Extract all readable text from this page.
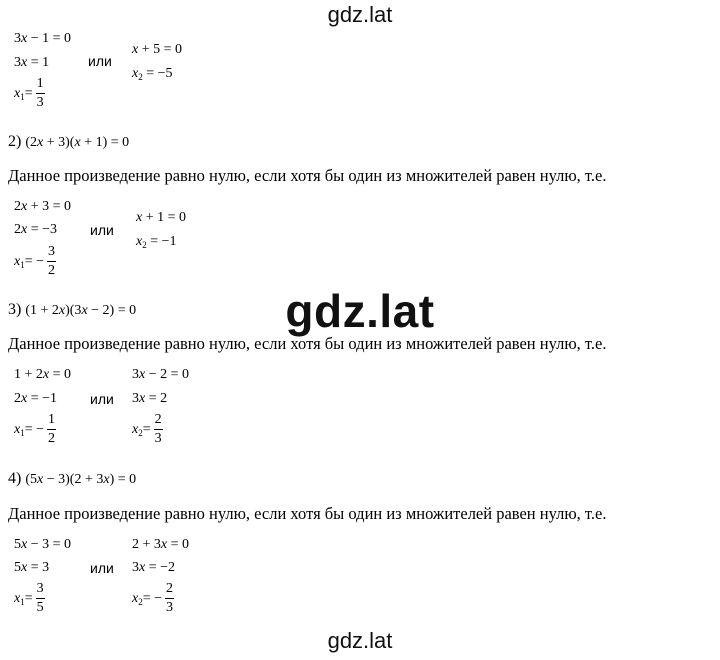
gdz.lat
gdz.lat
gdz.lat
3x − 1 = 0
3x = 1
x $1 = \frac{1}{3}$
или
x + 5 = 0
$x_2 = -5$
2) (2x + 3)(x + 1) = 0
Данное произведение равно нулю, если хотя бы один из множителей равен нулю, т.е.
2x + 3 = 0
2x = −3
x 1 = − $\frac{3}{2}$
или
x + 1 = 0
$x_2 = -1$
3) (1 + 2x)(3x − 2) = 0
Данное произведение равно нулю, если хотя бы один из множителей равен нулю, т.е.
1 + 2x = 0
2x = −1
x 1 = − $\frac{1}{2}$
или
3x − 2 = 0
3x = 2
x $2 = \frac{2}{3}$
4) (5x − 3)(2 + 3x) = 0
Данное произведение равно нулю, если хотя бы один из множителей равен нулю, т.е.
5x − 3 = 0
5x = 3
x $1 = \frac{3}{5}$
или
2 + 3x = 0
3x = −2
x 2 = − $\frac{2}{3}$
